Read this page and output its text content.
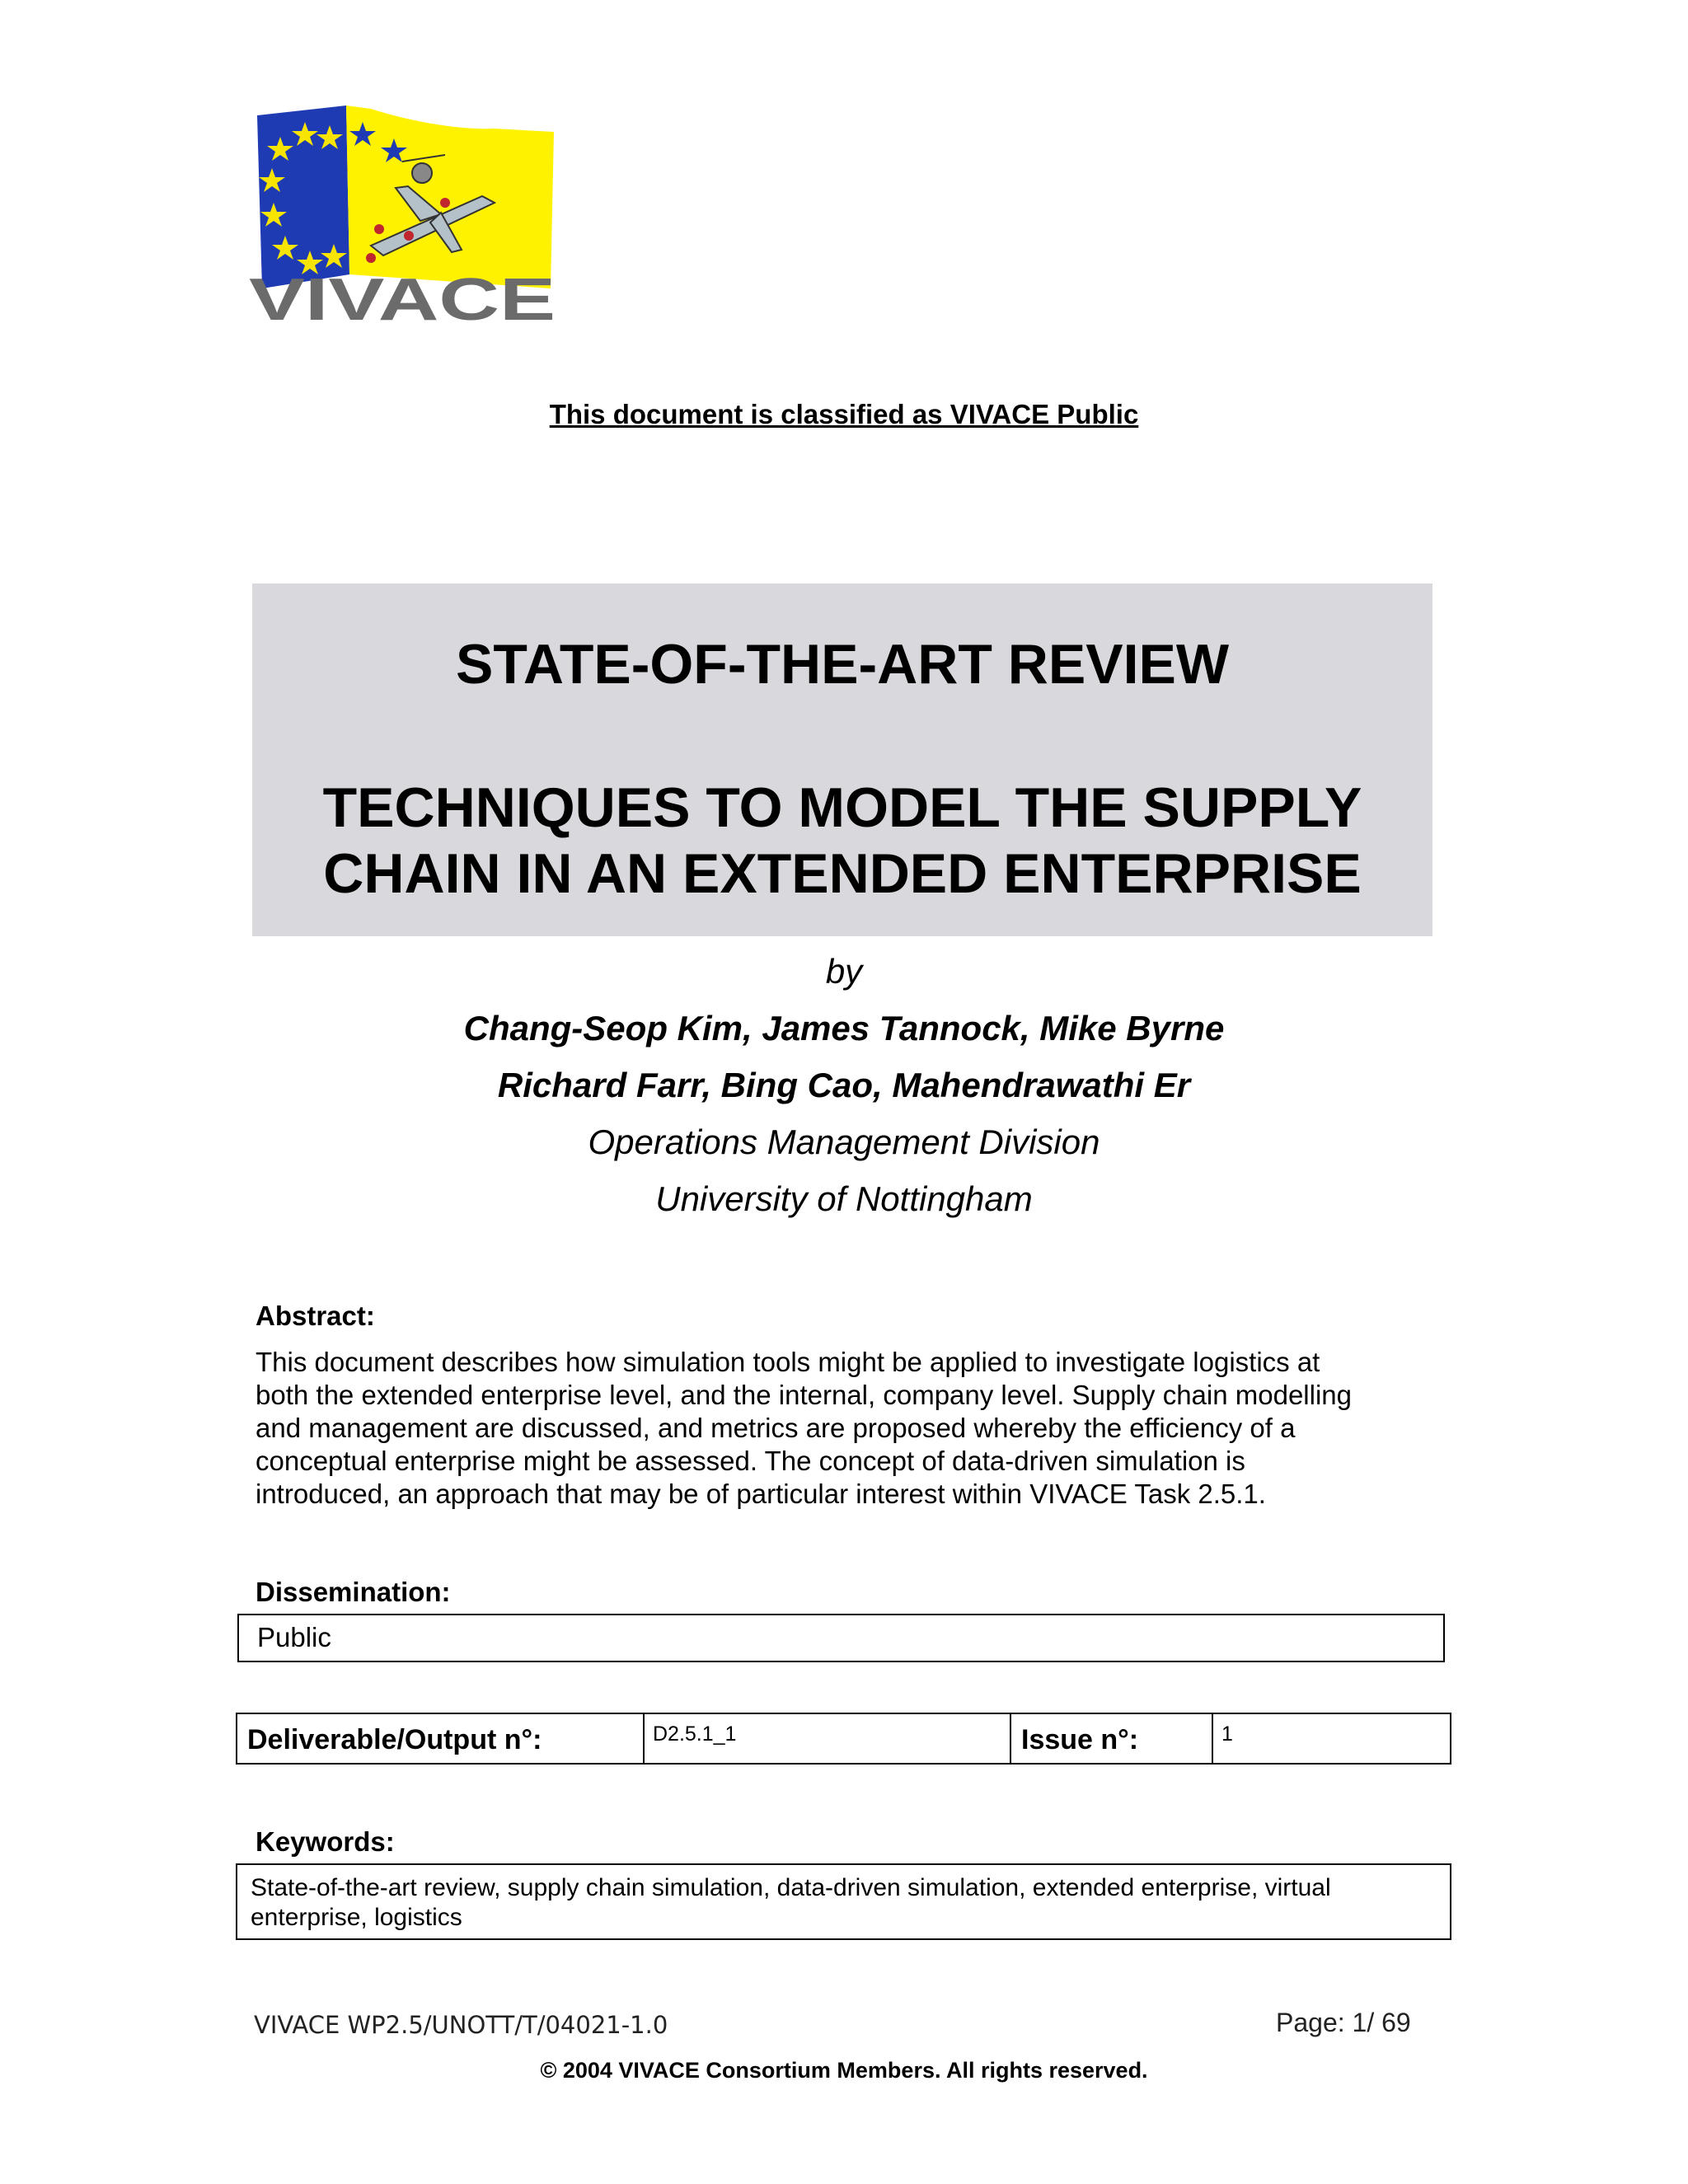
VIVACE
This document is classified as VIVACE Public
STATE-OF-THE-ART REVIEW
TECHNIQUES TO MODEL THE SUPPLY
CHAIN IN AN EXTENDED ENTERPRISE
by
Chang-Seop Kim, James Tannock, Mike Byrne
Richard Farr, Bing Cao, Mahendrawathi Er
Operations Management Division
University of Nottingham
Abstract:
This document describes how simulation tools might be applied to investigate logistics at
both the extended enterprise level, and the internal, company level. Supply chain modelling
and management are discussed, and metrics are proposed whereby the efficiency of a
conceptual enterprise might be assessed. The concept of data-driven simulation is
introduced, an approach that may be of particular interest within VIVACE Task 2.5.1.
Dissemination:
Public
Deliverable/Output n°:	D2.5.1_1	Issue n°:	1
Keywords:
State-of-the-art review, supply chain simulation, data-driven simulation, extended enterprise, virtual enterprise, logistics
VIVACE WP2.5/UNOTT/T/04021-1.0	Page: 1/ 69
© 2004 VIVACE Consortium Members. All rights reserved.
